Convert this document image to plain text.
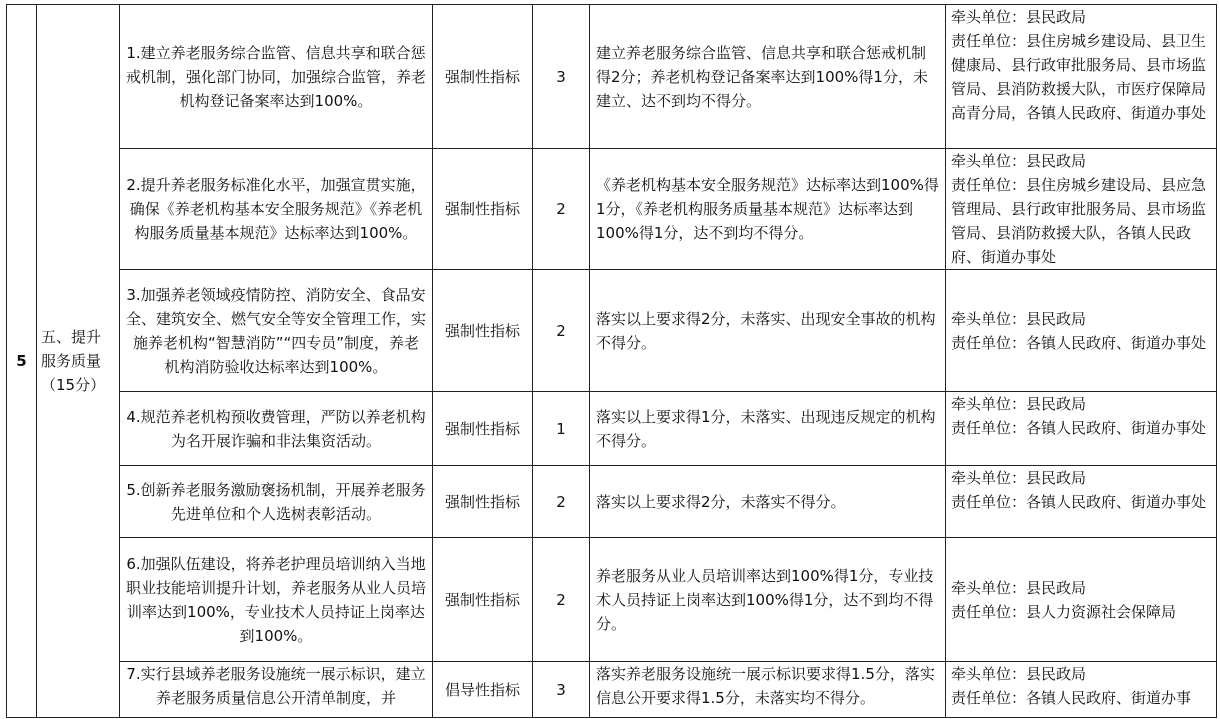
5	五、提升服务质量（15分）	1.建立养老服务综合监管、信息共享和联合惩戒机制，强化部门协同，加强综合监管，养老机构登记备案率达到100%。	强制性指标	3	建立养老服务综合监管、信息共享和联合惩戒机制得2分；养老机构登记备案率达到100%得1分，未建立、达不到均不得分。	牵头单位：县民政局
责任单位：县住房城乡建设局、县卫生健康局、县行政审批服务局、县市场监管局、县消防救援大队，市医疗保障局高青分局，各镇人民政府、街道办事处

		2.提升养老服务标准化水平，加强宣贯实施，确保《养老机构基本安全服务规范》《养老机构服务质量基本规范》达标率达到100%。	强制性指标	2	《养老机构基本安全服务规范》达标率达到100%得1分，《养老机构服务质量基本规范》达标率达到100%得1分，达不到均不得分。	牵头单位：县民政局
责任单位：县住房城乡建设局、县应急管理局、县行政审批服务局、县市场监管局、县消防救援大队，各镇人民政府、街道办事处

		3.加强养老领域疫情防控、消防安全、食品安全、建筑安全、燃气安全等安全管理工作，实施养老机构“智慧消防”“四专员”制度，养老机构消防验收达标率达到100%。	强制性指标	2	落实以上要求得2分，未落实、出现安全事故的机构不得分。	牵头单位：县民政局
责任单位：各镇人民政府、街道办事处

		4.规范养老机构预收费管理，严防以养老机构为名开展诈骗和非法集资活动。	强制性指标	1	落实以上要求得1分，未落实、出现违反规定的机构不得分。	牵头单位：县民政局
责任单位：各镇人民政府、街道办事处

		5.创新养老服务激励褒扬机制，开展养老服务先进单位和个人选树表彰活动。	强制性指标	2	落实以上要求得2分，未落实不得分。	牵头单位：县民政局
责任单位：各镇人民政府、街道办事处

		6.加强队伍建设，将养老护理员培训纳入当地职业技能培训提升计划，养老服务从业人员培训率达到100%，专业技术人员持证上岗率达到100%。	强制性指标	2	养老服务从业人员培训率达到100%得1分，专业技术人员持证上岗率达到100%得1分，达不到均不得分。	牵头单位：县民政局
责任单位：县人力资源社会保障局

		7.实行县域养老服务设施统一展示标识，建立养老服务质量信息公开清单制度，并	倡导性指标	3	落实养老服务设施统一展示标识要求得1.5分，落实信息公开要求得1.5分，未落实均不得分。	牵头单位：县民政局
责任单位：各镇人民政府、街道办事
